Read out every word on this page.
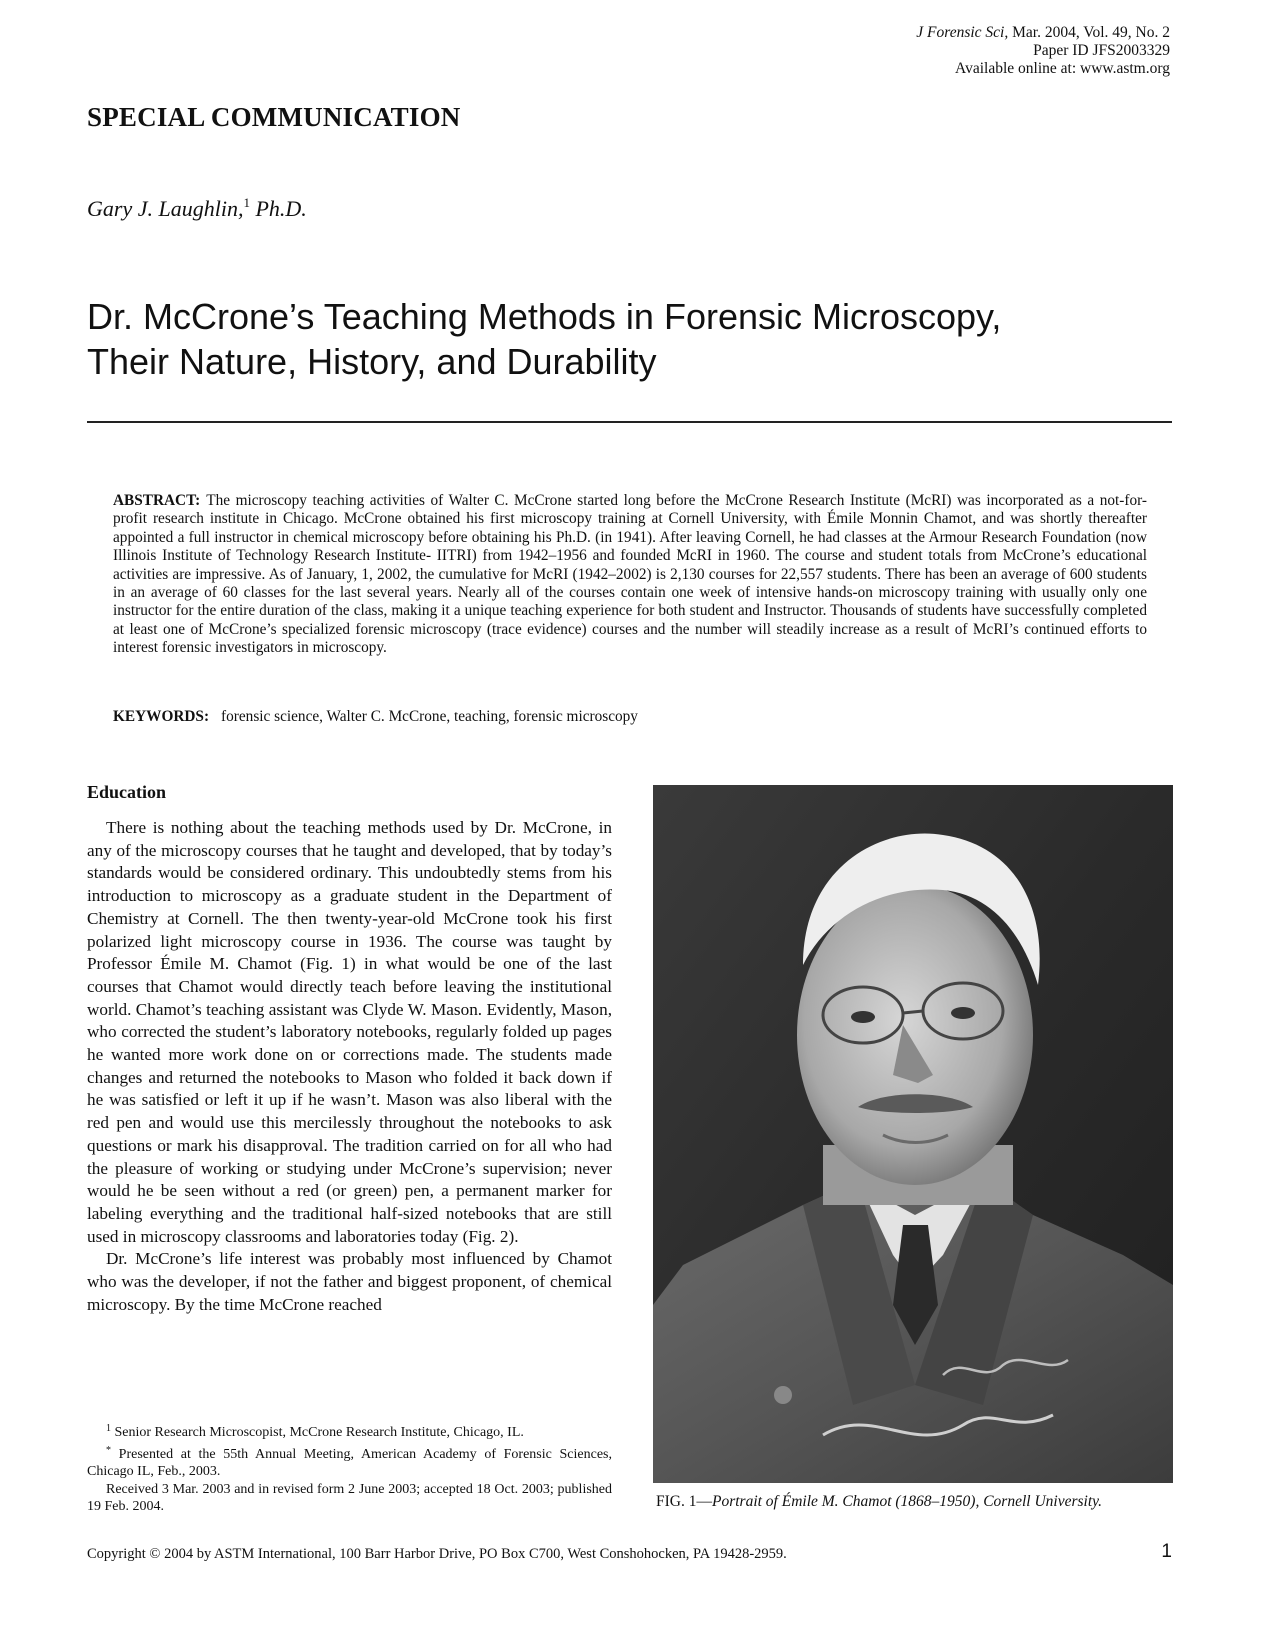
J Forensic Sci, Mar. 2004, Vol. 49, No. 2
Paper ID JFS2003329
Available online at: www.astm.org
SPECIAL COMMUNICATION
Gary J. Laughlin,$^1$ Ph.D.
Dr. McCrone’s Teaching Methods in Forensic Microscopy,
Their Nature, History, and Durability
ABSTRACT: The microscopy teaching activities of Walter C. McCrone started long before the McCrone Research Institute (McRI) was incorporated as a not-for-profit research institute in Chicago. McCrone obtained his first microscopy training at Cornell University, with Émile Monnin Chamot, and was shortly thereafter appointed a full instructor in chemical microscopy before obtaining his Ph.D. (in 1941). After leaving Cornell, he had classes at the Armour Research Foundation (now Illinois Institute of Technology Research Institute- IITRI) from 1942–1956 and founded McRI in 1960. The course and student totals from McCrone’s educational activities are impressive. As of January, 1, 2002, the cumulative for McRI (1942–2002) is 2,130 courses for 22,557 students. There has been an average of 600 students in an average of 60 classes for the last several years. Nearly all of the courses contain one week of intensive hands-on microscopy training with usually only one instructor for the entire duration of the class, making it a unique teaching experience for both student and Instructor. Thousands of students have successfully completed at least one of McCrone’s specialized forensic microscopy (trace evidence) courses and the number will steadily increase as a result of McRI’s continued efforts to interest forensic investigators in microscopy.
KEYWORDS: forensic science, Walter C. McCrone, teaching, forensic microscopy
Education

There is nothing about the teaching methods used by Dr. McCrone, in any of the microscopy courses that he taught and developed, that by today’s standards would be considered ordinary. This undoubtedly stems from his introduction to microscopy as a graduate student in the Department of Chemistry at Cornell. The then twenty-year-old McCrone took his first polarized light microscopy course in 1936. The course was taught by Professor Émile M. Chamot (Fig. 1) in what would be one of the last courses that Chamot would directly teach before leaving the institutional world. Chamot’s teaching assistant was Clyde W. Mason. Evidently, Mason, who corrected the student’s laboratory notebooks, regularly folded up pages he wanted more work done on or corrections made. The students made changes and returned the notebooks to Mason who folded it back down if he was satisfied or left it up if he wasn’t. Mason was also liberal with the red pen and would use this mercilessly throughout the notebooks to ask questions or mark his disapproval. The tradition carried on for all who had the pleasure of working or studying under McCrone’s supervision; never would he be seen without a red (or green) pen, a permanent marker for labeling everything and the traditional half-sized notebooks that are still used in microscopy classrooms and laboratories today (Fig. 2).

Dr. McCrone’s life interest was probably most influenced by Chamot who was the developer, if not the father and biggest proponent, of chemical microscopy. By the time McCrone reached

$^1$ Senior Research Microscopist, McCrone Research Institute, Chicago, IL.

* Presented at the 55th Annual Meeting, American Academy of Forensic Sciences, Chicago IL, Feb., 2003.

Received 3 Mar. 2003 and in revised form 2 June 2003; accepted 18 Oct. 2003; published 19 Feb. 2004.	FIG. 1—Portrait of Émile M. Chamot (1868–1950), Cornell University.
Copyright © 2004 by ASTM International, 100 Barr Harbor Drive, PO Box C700, West Conshohocken, PA 19428-2959.	1
